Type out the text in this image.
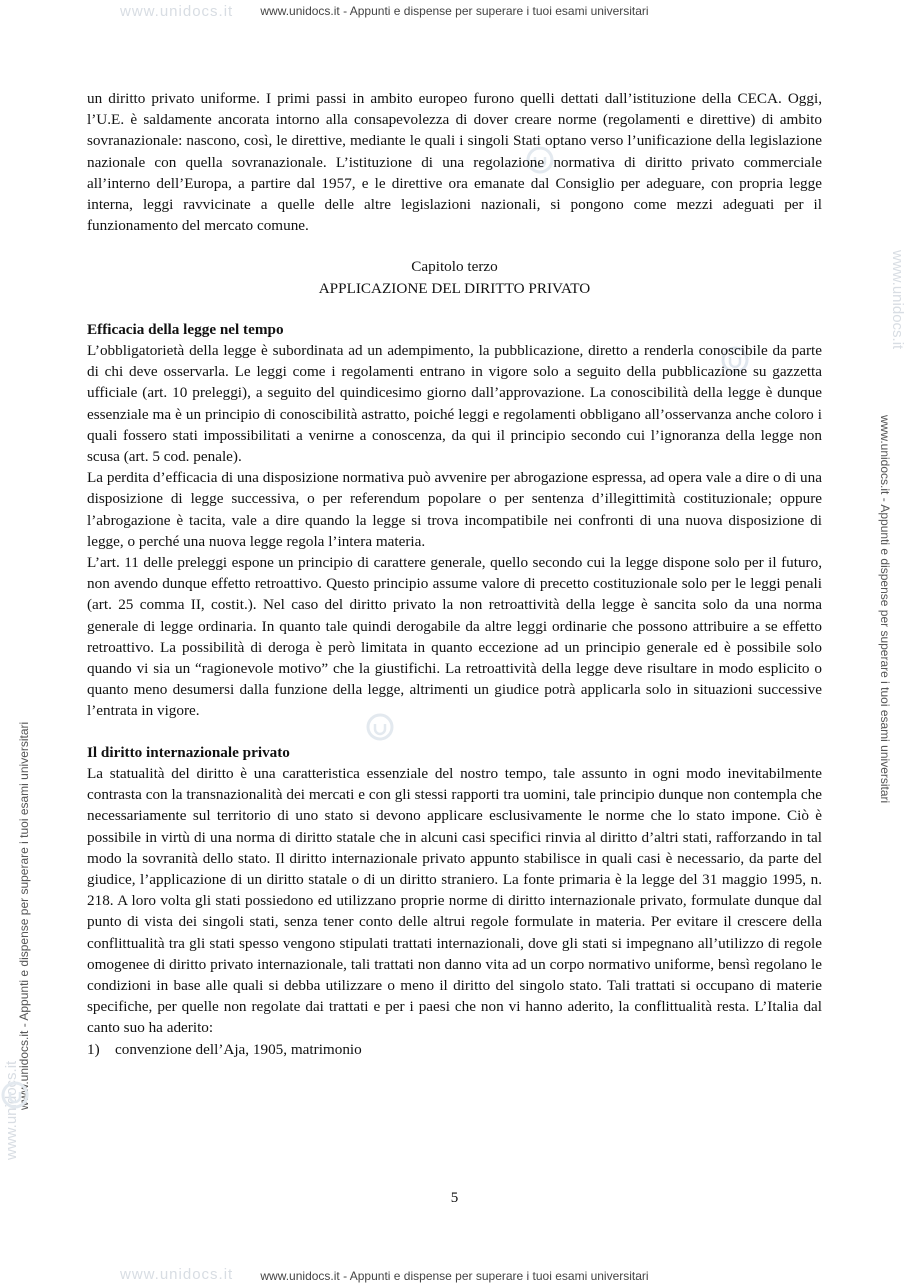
www.unidocs.it - Appunti e dispense per superare i tuoi esami universitari
www.unidocs.it - Appunti e dispense per superare i tuoi esami universitari
www.unidocs.it
www.unidocs.it
www.unidocs.it - Appunti e dispense per superare i tuoi esami universitari
www.unidocs.it - Appunti e dispense per superare i tuoi esami universitari
www.unidocs.it
www.unidocs.it

un diritto privato uniforme. I primi passi in ambito europeo furono quelli dettati dall’istituzione della CECA. Oggi, l’U.E. è saldamente ancorata intorno alla consapevolezza di dover creare norme (regolamenti e direttive) di ambito sovranazionale: nascono, così, le direttive, mediante le quali i singoli Stati optano verso l’unificazione della legislazione nazionale con quella sovranazionale. L’istituzione di una regolazione normativa di diritto privato commerciale all’interno dell’Europa, a partire dal 1957, e le direttive ora emanate dal Consiglio per adeguare, con propria legge interna, leggi ravvicinate a quelle delle altre legislazioni nazionali, si pongono come mezzi adeguati per il funzionamento del mercato comune.

Capitolo terzo
APPLICAZIONE DEL DIRITTO PRIVATO
Efficacia della legge nel tempo

L’obbligatorietà della legge è subordinata ad un adempimento, la pubblicazione, diretto a renderla conoscibile da parte di chi deve osservarla. Le leggi come i regolamenti entrano in vigore solo a seguito della pubblicazione su gazzetta ufficiale (art. 10 preleggi), a seguito del quindicesimo giorno dall’approvazione. La conoscibilità della legge è dunque essenziale ma è un principio di conoscibilità astratto, poiché leggi e regolamenti obbligano all’osservanza anche coloro i quali fossero stati impossibilitati a venirne a conoscenza, da qui il principio secondo cui l’ignoranza della legge non scusa (art. 5 cod. penale).

La perdita d’efficacia di una disposizione normativa può avvenire per abrogazione espressa, ad opera vale a dire o di una disposizione di legge successiva, o per referendum popolare o per sentenza d’illegittimità costituzionale; oppure l’abrogazione è tacita, vale a dire quando la legge si trova incompatibile nei confronti di una nuova disposizione di legge, o perché una nuova legge regola l’intera materia.

L’art. 11 delle preleggi espone un principio di carattere generale, quello secondo cui la legge dispone solo per il futuro, non avendo dunque effetto retroattivo. Questo principio assume valore di precetto costituzionale solo per le leggi penali (art. 25 comma II, costit.). Nel caso del diritto privato la non retroattività della legge è sancita solo da una norma generale di legge ordinaria. In quanto tale quindi derogabile da altre leggi ordinarie che possono attribuire a se effetto retroattivo. La possibilità di deroga è però limitata in quanto eccezione ad un principio generale ed è possibile solo quando vi sia un “ragionevole motivo” che la giustifichi. La retroattività della legge deve risultare in modo esplicito o quanto meno desumersi dalla funzione della legge, altrimenti un giudice potrà applicarla solo in situazioni successive l’entrata in vigore.

Il diritto internazionale privato

La statualità del diritto è una caratteristica essenziale del nostro tempo, tale assunto in ogni modo inevitabilmente contrasta con la transnazionalità dei mercati e con gli stessi rapporti tra uomini, tale principio dunque non contempla che necessariamente sul territorio di uno stato si devono applicare esclusivamente le norme che lo stato impone. Ciò è possibile in virtù di una norma di diritto statale che in alcuni casi specifici rinvia al diritto d’altri stati, rafforzando in tal modo la sovranità dello stato. Il diritto internazionale privato appunto stabilisce in quali casi è necessario, da parte del giudice, l’applicazione di un diritto statale o di un diritto straniero. La fonte primaria è la legge del 31 maggio 1995, n. 218. A loro volta gli stati possiedono ed utilizzano proprie norme di diritto internazionale privato, formulate dunque dal punto di vista dei singoli stati, senza tener conto delle altrui regole formulate in materia. Per evitare il crescere della conflittualità tra gli stati spesso vengono stipulati trattati internazionali, dove gli stati si impegnano all’utilizzo di regole omogenee di diritto privato internazionale, tali trattati non danno vita ad un corpo normativo uniforme, bensì regolano le condizioni in base alle quali si debba utilizzare o meno il diritto del singolo stato. Tali trattati si occupano di materie specifiche, per quelle non regolate dai trattati e per i paesi che non vi hanno aderito, la conflittualità resta. L’Italia dal canto suo ha aderito:

1) convenzione dell’Aja, 1905, matrimonio
5
